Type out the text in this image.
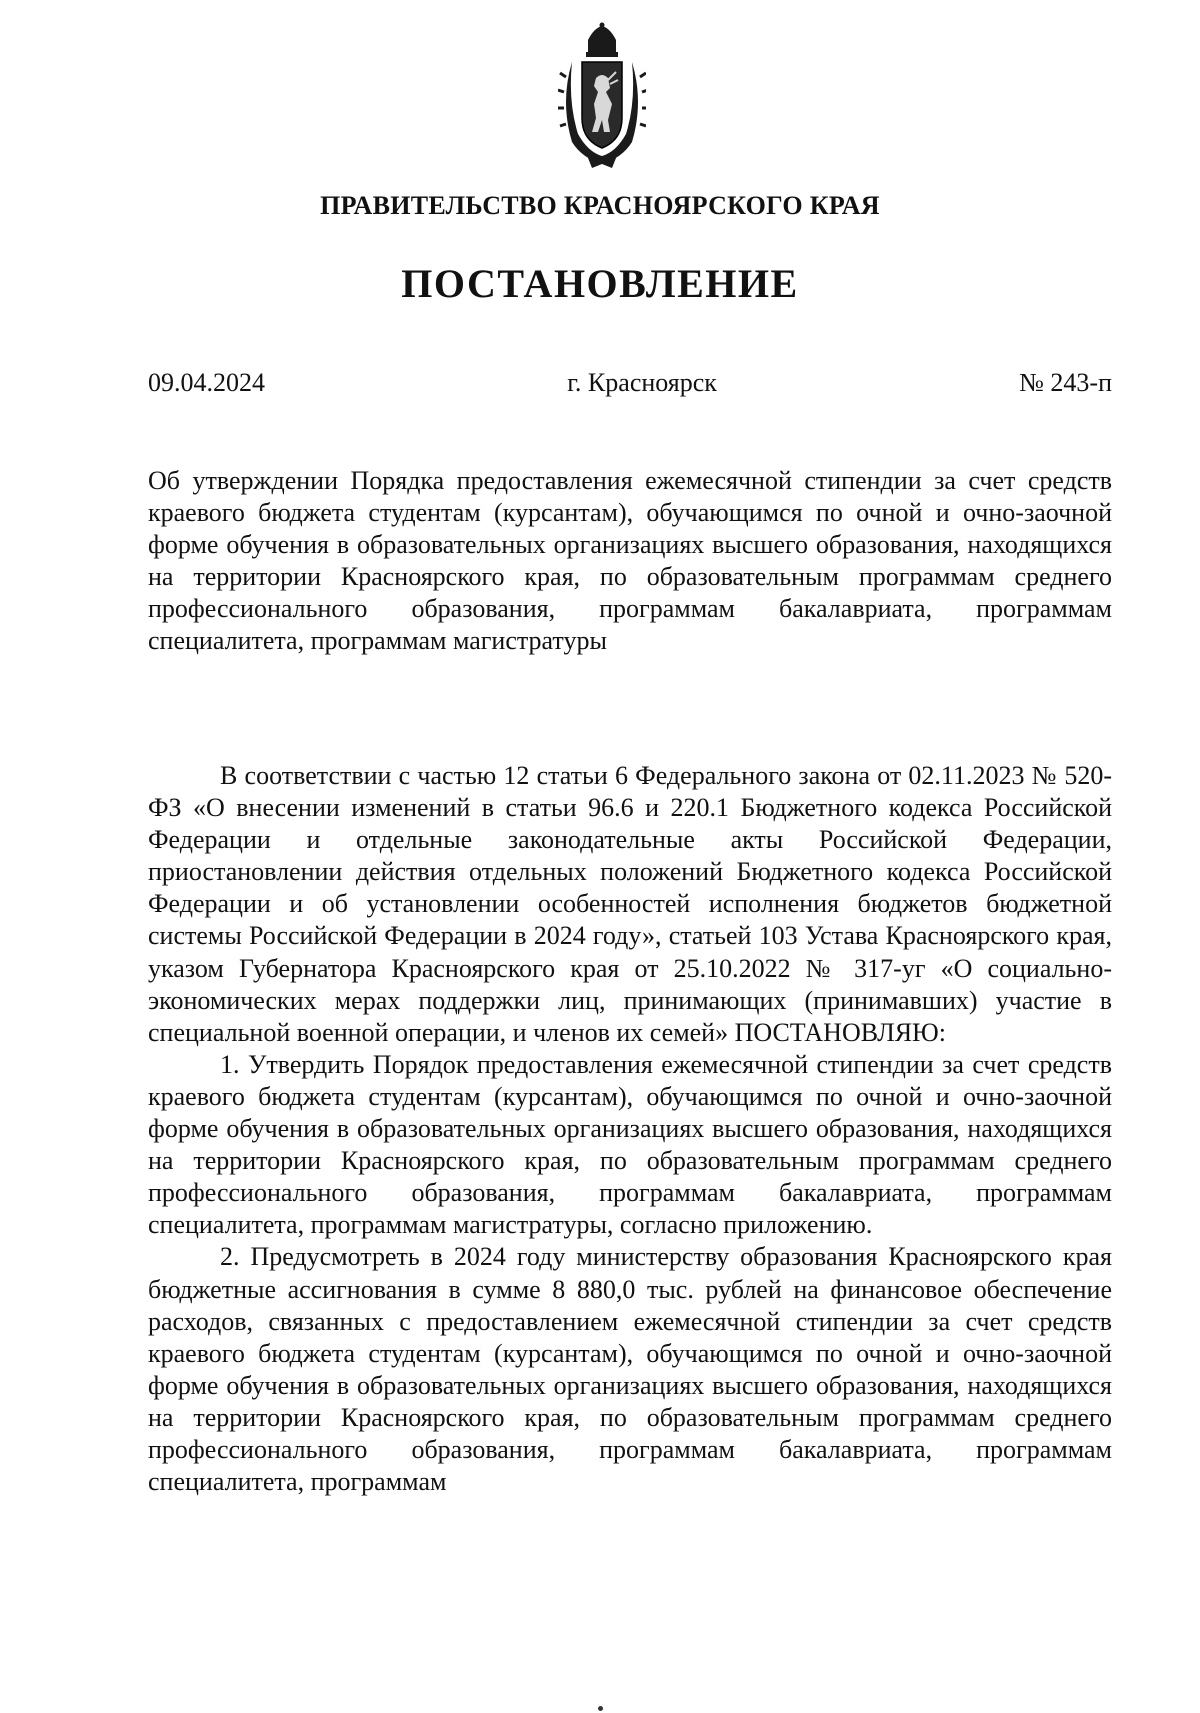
ПРАВИТЕЛЬСТВО КРАСНОЯРСКОГО КРАЯ
ПОСТАНОВЛЕНИЕ
09.04.2024	г. Красноярск	№ 243-п

Об утверждении Порядка предоставления ежемесячной стипендии за счет средств краевого бюджета студентам (курсантам), обучающимся по очной и очно-заочной форме обучения в образовательных организациях высшего образования, находящихся на территории Красноярского края, по образовательным программам среднего профессионального образования, программам бакалавриата, программам специалитета, программам магистратуры

В соответствии с частью 12 статьи 6 Федерального закона от 02.11.2023 № 520-ФЗ «О внесении изменений в статьи 96.6 и 220.1 Бюджетного кодекса Российской Федерации и отдельные законодательные акты Российской Федерации, приостановлении действия отдельных положений Бюджетного кодекса Российской Федерации и об установлении особенностей исполнения бюджетов бюджетной системы Российской Федерации в 2024 году», статьей 103 Устава Красноярского края, указом Губернатора Красноярского края от 25.10.2022 № 317-уг «О социально-экономических мерах поддержки лиц, принимающих (принимавших) участие в специальной военной операции, и членов их семей» ПОСТАНОВЛЯЮ:

1. Утвердить Порядок предоставления ежемесячной стипендии за счет средств краевого бюджета студентам (курсантам), обучающимся по очной и очно-заочной форме обучения в образовательных организациях высшего образования, находящихся на территории Красноярского края, по образовательным программам среднего профессионального образования, программам бакалавриата, программам специалитета, программам магистратуры, согласно приложению.

2. Предусмотреть в 2024 году министерству образования Красноярского края бюджетные ассигнования в сумме 8 880,0 тыс. рублей на финансовое обеспечение расходов, связанных с предоставлением ежемесячной стипендии за счет средств краевого бюджета студентам (курсантам), обучающимся по очной и очно-заочной форме обучения в образовательных организациях высшего образования, находящихся на территории Красноярского края, по образовательным программам среднего профессионального образования, программам бакалавриата, программам специалитета, программам
